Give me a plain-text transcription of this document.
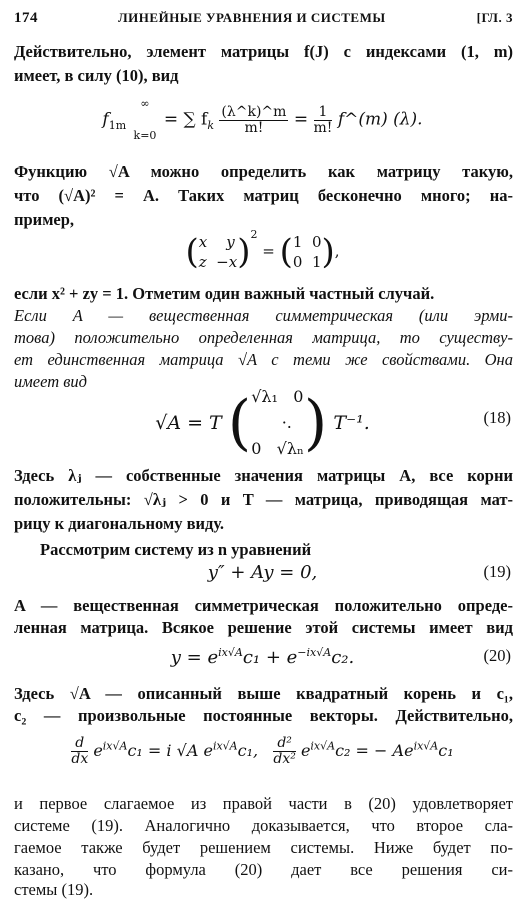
174	ЛИНЕЙНЫЕ УРАВНЕНИЯ И СИСТЕМЫ	[ГЛ. 3
Действительно, элемент матрицы f(J) с индексами (1, m)
имеет, в силу (10), вид
$f_{1m}$
∞

k=0
= ∑ $f_k \frac{(\lambda\^{}k)\^{}m}{m!} = \frac{1}{m!}$ f^(m) (λ).
Функцию √A можно определить как матрицу такую,
что (√A)² = A. Таких матриц бесконечно много; на-
пример,
(x y
z −x)$^2$ = (1 0
0 1),
если x² + zy = 1. Отметим один важный частный случай.
Если A — вещественная симметрическая (или эрми-
това) положительно определенная матрица, то существу-
ет единственная матрица √A с теми же свойствами. Она
имеет вид
√A = T (√λ₁ 0
·.
0 √λₙ) T⁻¹.	(18)
Здесь λⱼ — собственные значения матрицы A, все корни
положительны: √λⱼ > 0 и T — матрица, приводящая мат-
рицу к диагональному виду.
Рассмотрим систему из n уравнений
y″ + Ay = 0,	(19)
A — вещественная симметрическая положительно опреде-
ленная матрица. Всякое решение этой системы имеет вид
$y = e^{ix√A}c_1 + e^{-ix√A}c_2$.	(20)
Здесь √A — описанный выше квадратный корень и c₁,
c₂ — произвольные постоянные векторы. Действительно,
$\frac{d}{dx} e^{ix√A}c_1 = i$ √A $e^{ix√A}c_1$, $\frac{\text{d²}}{\text{dx²}} e^{ix√A}c_2$ = − $Ae^{ix√A}c_1$
и первое слагаемое из правой части в (20) удовлетворяет
системе (19). Аналогично доказывается, что второе сла-
гаемое также будет решением системы. Ниже будет по-
казано, что формула (20) дает все решения си-
стемы (19).
